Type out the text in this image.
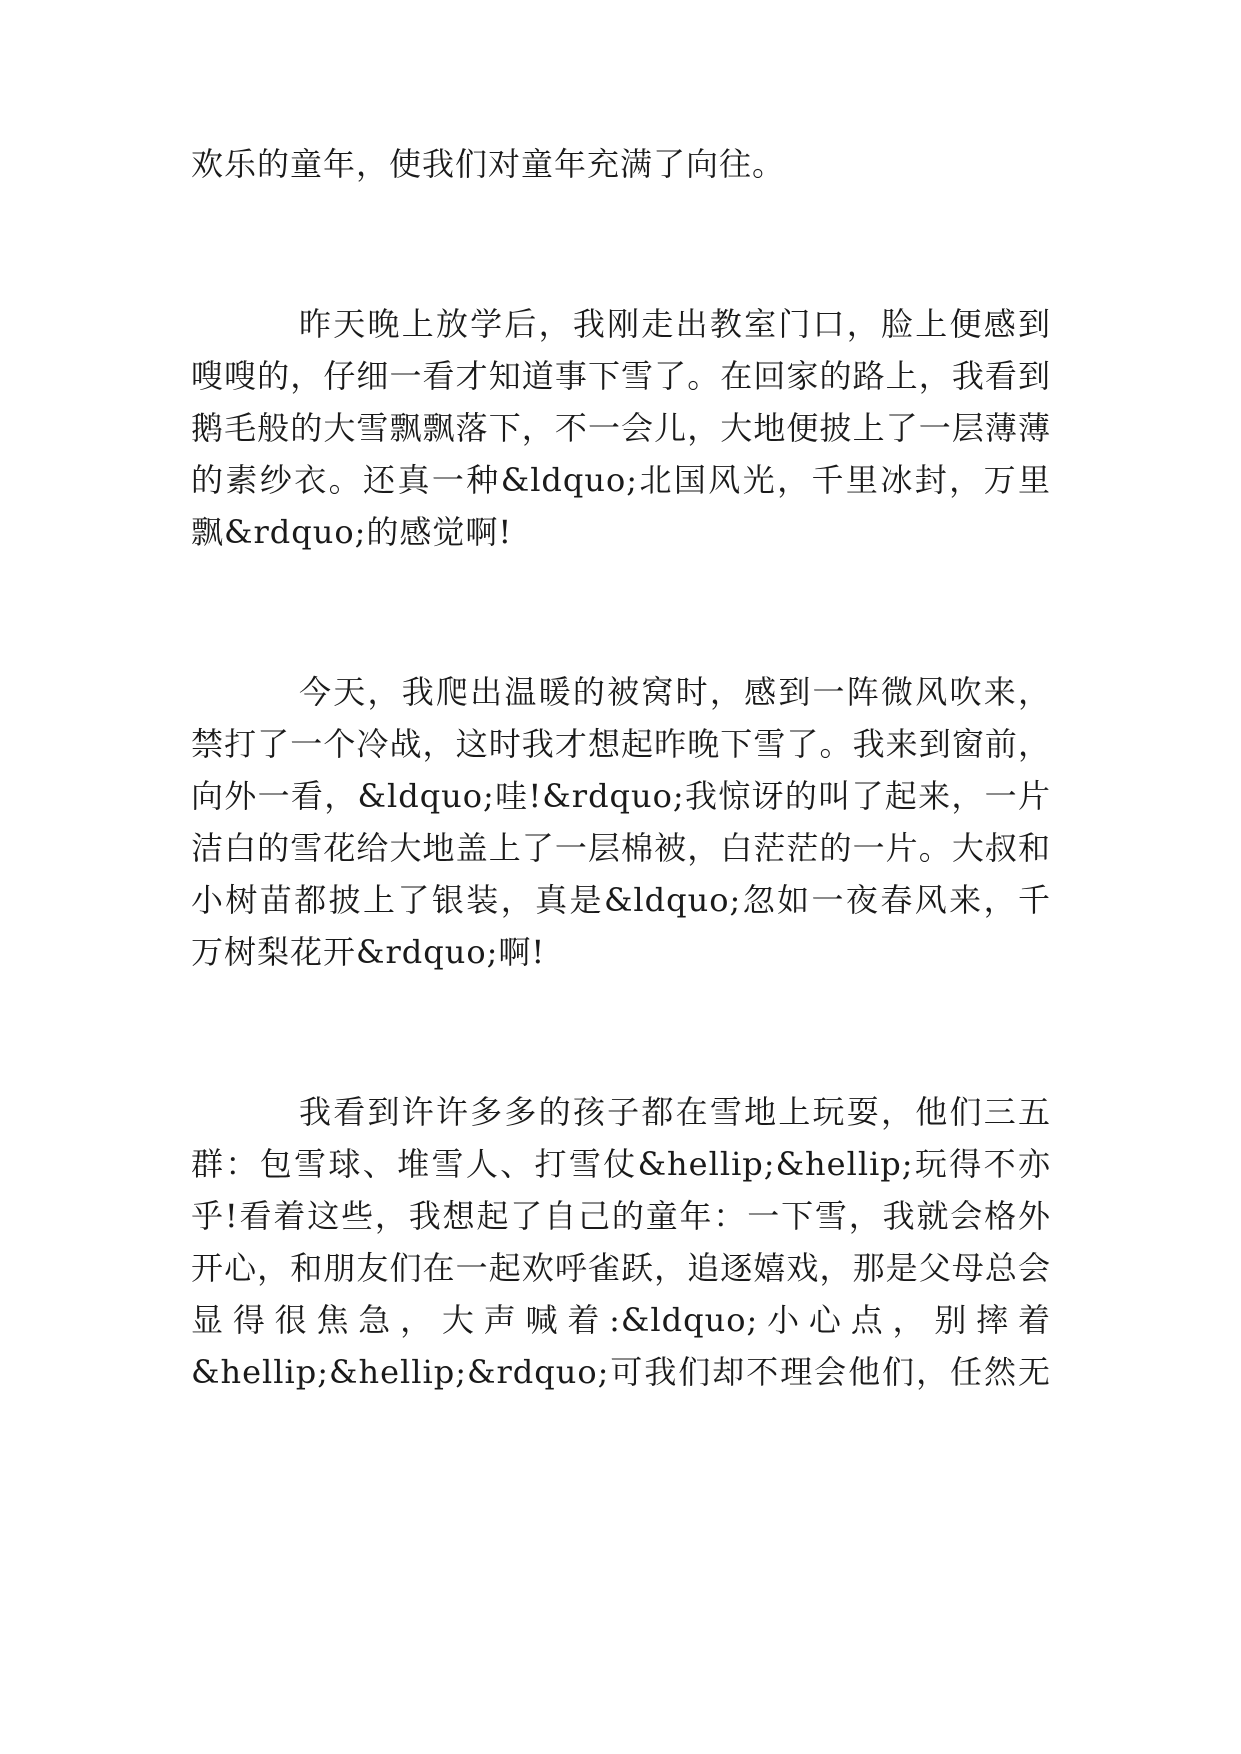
欢乐的童年，使我们对童年充满了向往。
昨天晚上放学后，我刚走出教室门口，脸上便感到
嗖嗖的，仔细一看才知道事下雪了。在回家的路上，我看到
鹅毛般的大雪飘飘落下，不一会儿，大地便披上了一层薄薄
的素纱衣。还真一种&ldquo;北国风光，千里冰封，万里
飘&rdquo;的感觉啊!
今天，我爬出温暖的被窝时，感到一阵微风吹来，
禁打了一个冷战，这时我才想起昨晚下雪了。我来到窗前，
向外一看，&ldquo;哇!&rdquo;我惊讶的叫了起来，一片
洁白的雪花给大地盖上了一层棉被，白茫茫的一片。大叔和
小树苗都披上了银装，真是&ldquo;忽如一夜春风来，千
万树梨花开&rdquo;啊!
我看到许许多多的孩子都在雪地上玩耍，他们三五
群：包雪球、堆雪人、打雪仗&hellip;&hellip;玩得不亦
乎!看着这些，我想起了自己的童年：一下雪，我就会格外
开心，和朋友们在一起欢呼雀跃，追逐嬉戏，那是父母总会
显得很焦急，大声喊着:&ldquo;小心点，别摔着
&hellip;&hellip;&rdquo;可我们却不理会他们，任然无
